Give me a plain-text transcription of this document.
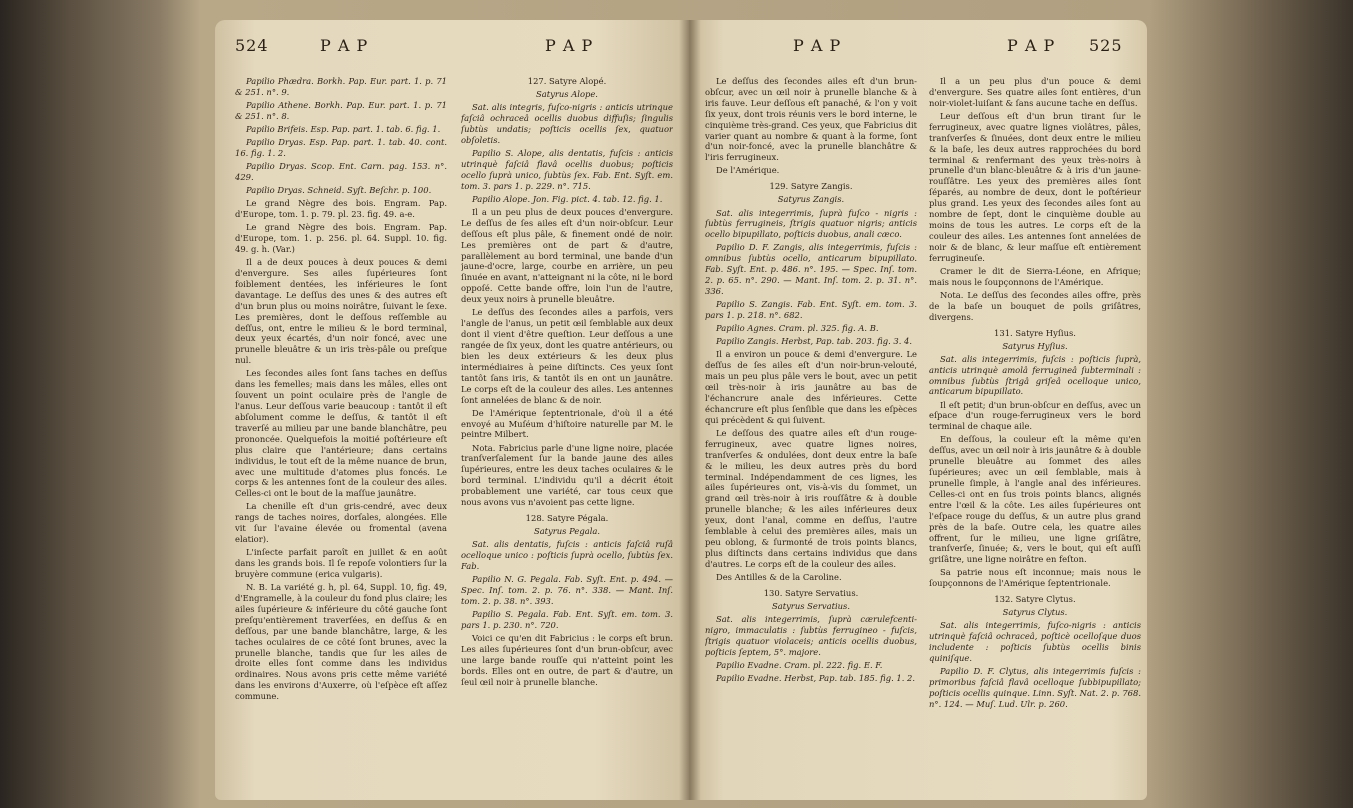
524	P A P	P A P

Papilio Phædra. Borkh. Pap. Eur. part. 1. p. 71 & 251. n°. 9.

Papilio Athene. Borkh. Pap. Eur. part. 1. p. 71 & 251. n°. 8.

Papilio Brifeis. Esp. Pap. part. 1. tab. 6. fig. 1.

Papilio Dryas. Esp. Pap. part. 1. tab. 40. cont. 16. fig. 1. 2.

Papilio Dryas. Scop. Ent. Carn. pag. 153. n°. 429.

Papilio Dryas. Schneid. Syſt. Beſchr. p. 100.

Le grand Nègre des bois. Engram. Pap. d'Europe, tom. 1. p. 79. pl. 23. fig. 49. a-e.

Le grand Nègre des bois. Engram. Pap. d'Europe, tom. 1. p. 256. pl. 64. Suppl. 10. fig. 49. g. h. (Var.)

Il a de deux pouces à deux pouces & demi d'envergure. Ses ailes ſupérieures ſont foiblement dentées, les inférieures le ſont davantage. Le deſſus des unes & des autres eſt d'un brun plus ou moins noirâtre, ſuivant le ſexe. Les premières, dont le deſſous reſſemble au deſſus, ont, entre le milieu & le bord terminal, deux yeux écartés, d'un noir foncé, avec une prunelle bleuâtre & un iris très-pâle ou preſque nul.

Les ſecondes ailes ſont ſans taches en deſſus dans les femelles; mais dans les mâles, elles ont ſouvent un point oculaire près de l'angle de l'anus. Leur deſſous varie beaucoup : tantôt il eſt abſolument comme le deſſus, & tantôt il eſt traverſé au milieu par une bande blanchâtre, peu prononcée. Quelquefois la moitié poſtérieure eſt plus claire que l'antérieure; dans certains individus, le tout eſt de la même nuance de brun, avec une multitude d'atomes plus foncés. Le corps & les antennes ſont de la couleur des ailes. Celles-ci ont le bout de la maſſue jaunâtre.

La chenille eſt d'un gris-cendré, avec deux rangs de taches noires, dorſales, alongées. Elle vit ſur l'avaine élevée ou fromental (avena elatior).

L'inſecte parfait paroît en juillet & en août dans les grands bois. Il ſe repoſe volontiers ſur la bruyère commune (erica vulgaris).

N. B. La variété g. h, pl. 64, Suppl. 10, fig. 49, d'Engramelle, à la couleur du fond plus claire; les ailes ſupérieure & inférieure du côté gauche ſont preſqu'entièrement traverſées, en deſſus & en deſſous, par une bande blanchâtre, large, & les taches oculaires de ce côté ſont brunes, avec la prunelle blanche, tandis que ſur les ailes de droite elles ſont comme dans les individus ordinaires. Nous avons pris cette même variété dans les environs d'Auxerre, où l'eſpèce eſt aſſez commune.

127. Satyre Alopé.

Satyrus Alope.

Sat. alis integris, fuſco-nigris : anticis utrinque faſciâ ochraceâ ocellis duobus diffuſis; ſingulis ſubtùs undatis; poſticis ocellis ſex, quatuor obſoletis.

Papilio S. Alope, alis dentatis, fuſcis : anticis utrinquè faſciâ flavâ ocellis duobus; poſticis ocello ſuprà unico, ſubtùs ſex. Fab. Ent. Syſt. em. tom. 3. pars 1. p. 229. n°. 715.

Papilio Alope. Jon. Fig. pict. 4. tab. 12. fig. 1.

Il a un peu plus de deux pouces d'envergure. Le deſſus de ſes ailes eſt d'un noir-obſcur. Leur deſſous eſt plus pâle, & finement ondé de noir. Les premières ont de part & d'autre, parallèlement au bord terminal, une bande d'un jaune-d'ocre, large, courbe en arrière, un peu ſinuée en avant, n'atteignant ni la côte, ni le bord oppoſé. Cette bande offre, loin l'un de l'autre, deux yeux noirs à prunelle bleuâtre.

Le deſſus des ſecondes ailes a parfois, vers l'angle de l'anus, un petit œil ſemblable aux deux dont il vient d'être queſtion. Leur deſſous a une rangée de ſix yeux, dont les quatre antérieurs, ou bien les deux extérieurs & les deux plus intermédiaires à peine diſtincts. Ces yeux ſont tantôt ſans iris, & tantôt ils en ont un jaunâtre. Le corps eſt de la couleur des ailes. Les antennes ſont annelées de blanc & de noir.

De l'Amérique ſeptentrionale, d'où il a été envoyé au Muſéum d'hiſtoire naturelle par M. le peintre Milbert.

Nota. Fabricius parle d'une ligne noire, placée tranſverſalement ſur la bande jaune des ailes ſupérieures, entre les deux taches oculaires & le bord terminal. L'individu qu'il a décrit étoit probablement une variété, car tous ceux que nous avons vus n'avoient pas cette ligne.

128. Satyre Pégala.

Satyrus Pegala.

Sat. alis dentatis, fuſcis : anticis faſciâ ruſâ ocelloque unico : poſticis ſuprà ocello, ſubtùs ſex. Fab.

Papilio N. G. Pegala. Fab. Syſt. Ent. p. 494. — Spec. Inſ. tom. 2. p. 76. n°. 338. — Mant. Inſ. tom. 2. p. 38. n°. 393.

Papilio S. Pegala. Fab. Ent. Syſt. em. tom. 3. pars 1. p. 230. n°. 720.

Voici ce qu'en dit Fabricius : le corps eſt brun. Les ailes ſupérieures ſont d'un brun-obſcur, avec une large bande rouſſe qui n'atteint point les bords. Elles ont en outre, de part & d'autre, un ſeul œil noir à prunelle blanche.

P A P	P A P 525

Le deſſus des ſecondes ailes eſt d'un brun-obſcur, avec un œil noir à prunelle blanche & à iris fauve. Leur deſſous eſt panaché, & l'on y voit ſix yeux, dont trois réunis vers le bord interne, le cinquième très-grand. Ces yeux, que Fabricius dit varier quant au nombre & quant à la forme, ſont d'un noir-foncé, avec la prunelle blanchâtre & l'iris ferrugineux.

De l'Amérique.

129. Satyre Zangis.

Satyrus Zangis.

Sat. alis integerrimis, ſuprà fuſco - nigris : ſubtùs ferrugineis, ſtrigis quatuor nigris; anticis ocello bipupillato, poſticis duobus, anali cæco.

Papilio D. F. Zangis, alis integerrimis, fuſcis : omnibus ſubtùs ocello, anticarum bipupillato. Fab. Syſt. Ent. p. 486. n°. 195. — Spec. Inſ. tom. 2. p. 65. n°. 290. — Mant. Inſ. tom. 2. p. 31. n°. 336.

Papilio S. Zangis. Fab. Ent. Syſt. em. tom. 3. pars 1. p. 218. n°. 682.

Papilio Agnes. Cram. pl. 325. fig. A. B.

Papilio Zangis. Herbst, Pap. tab. 203. fig. 3. 4.

Il a environ un pouce & demi d'envergure. Le deſſus de ſes ailes eſt d'un noir-brun-velouté, mais un peu plus pâle vers le bout, avec un petit œil très-noir à iris jaunâtre au bas de l'échancrure anale des inférieures. Cette échancrure eſt plus ſenſible que dans les eſpèces qui précèdent & qui ſuivent.

Le deſſous des quatre ailes eſt d'un rouge-ferrugineux, avec quatre lignes noires, tranſverſes & ondulées, dont deux entre la baſe & le milieu, les deux autres près du bord terminal. Indépendamment de ces lignes, les ailes ſupérieures ont, vis-à-vis du ſommet, un grand œil très-noir à iris rouſſâtre & à double prunelle blanche; & les ailes inférieures deux yeux, dont l'anal, comme en deſſus, l'autre ſemblable à celui des premières ailes, mais un peu oblong, & ſurmonté de trois points blancs, plus diſtincts dans certains individus que dans d'autres. Le corps eſt de la couleur des ailes.

Des Antilles & de la Caroline.

130. Satyre Servatius.

Satyrus Servatius.

Sat. alis integerrimis, ſuprà cærulefcenti-nigro, immaculatis : ſubtùs ferrugineo - fuſcis, ſtrigis quatuor violaceis; anticis ocellis duobus, poſticis ſeptem, 5°. majore.

Papilio Evadne. Cram. pl. 222. fig. E. F.

Papilio Evadne. Herbst, Pap. tab. 185. fig. 1. 2.

Il a un peu plus d'un pouce & demi d'envergure. Ses quatre ailes ſont entières, d'un noir-violet-luiſant & ſans aucune tache en deſſus.

Leur deſſous eſt d'un brun tirant ſur le ferrugineux, avec quatre lignes violâtres, pâles, tranſverſes & ſinuées, dont deux entre le milieu & la baſe, les deux autres rapprochées du bord terminal & renfermant des yeux très-noirs à prunelle d'un blanc-bleuâtre & à iris d'un jaune-rouſſâtre. Les yeux des premières ailes ſont ſéparés, au nombre de deux, dont le poſtérieur plus grand. Les yeux des ſecondes ailes ſont au nombre de ſept, dont le cinquième double au moins de tous les autres. Le corps eſt de la couleur des ailes. Les antennes ſont annelées de noir & de blanc, & leur maſſue eſt entièrement ferrugineuſe.

Cramer le dit de Sierra-Léone, en Afrique; mais nous le ſoupçonnons de l'Amérique.

Nota. Le deſſus des ſecondes ailes offre, près de la baſe un bouquet de poils griſâtres, divergens.

131. Satyre Hyſius.

Satyrus Hyſius.

Sat. alis integerrimis, fuſcis : poſticis ſuprà, anticis utrinquè amolâ ferrugineâ ſubterminali : omnibus ſubtùs ſtrigâ griſeâ ocelloque unico, anticarum bipupillato.

Il eſt petit; d'un brun-obſcur en deſſus, avec un eſpace d'un rouge-ferrugineux vers le bord terminal de chaque aile.

En deſſous, la couleur eſt la même qu'en deſſus, avec un œil noir à iris jaunâtre & à double prunelle bleuâtre au ſommet des ailes ſupérieures; avec un œil ſemblable, mais à prunelle ſimple, à l'angle anal des inférieures. Celles-ci ont en ſus trois points blancs, alignés entre l'œil & la côte. Les ailes ſupérieures ont l'eſpace rouge du deſſus, & un autre plus grand près de la baſe. Outre cela, les quatre ailes offrent, ſur le milieu, une ligne griſâtre, tranſverſe, ſinuée; &, vers le bout, qui eſt auſſi griſâtre, une ligne noirâtre en feſton.

Sa patrie nous eſt inconnue; mais nous le ſoupçonnons de l'Amérique ſeptentrionale.

132. Satyre Clytus.

Satyrus Clytus.

Sat. alis integerrimis, fuſco-nigris : anticis utrinquè faſciâ ochraceâ, poſticè ocelloſque duos includente : poſticis ſubtùs ocellis binis quiniſque.

Papilio D. F. Clytus, alis integerrimis fuſcis : primoribus faſciâ flavâ ocelloque ſubbipupillato; poſticis ocellis quinque. Linn. Syſt. Nat. 2. p. 768. n°. 124. — Muſ. Lud. Ulr. p. 260.
